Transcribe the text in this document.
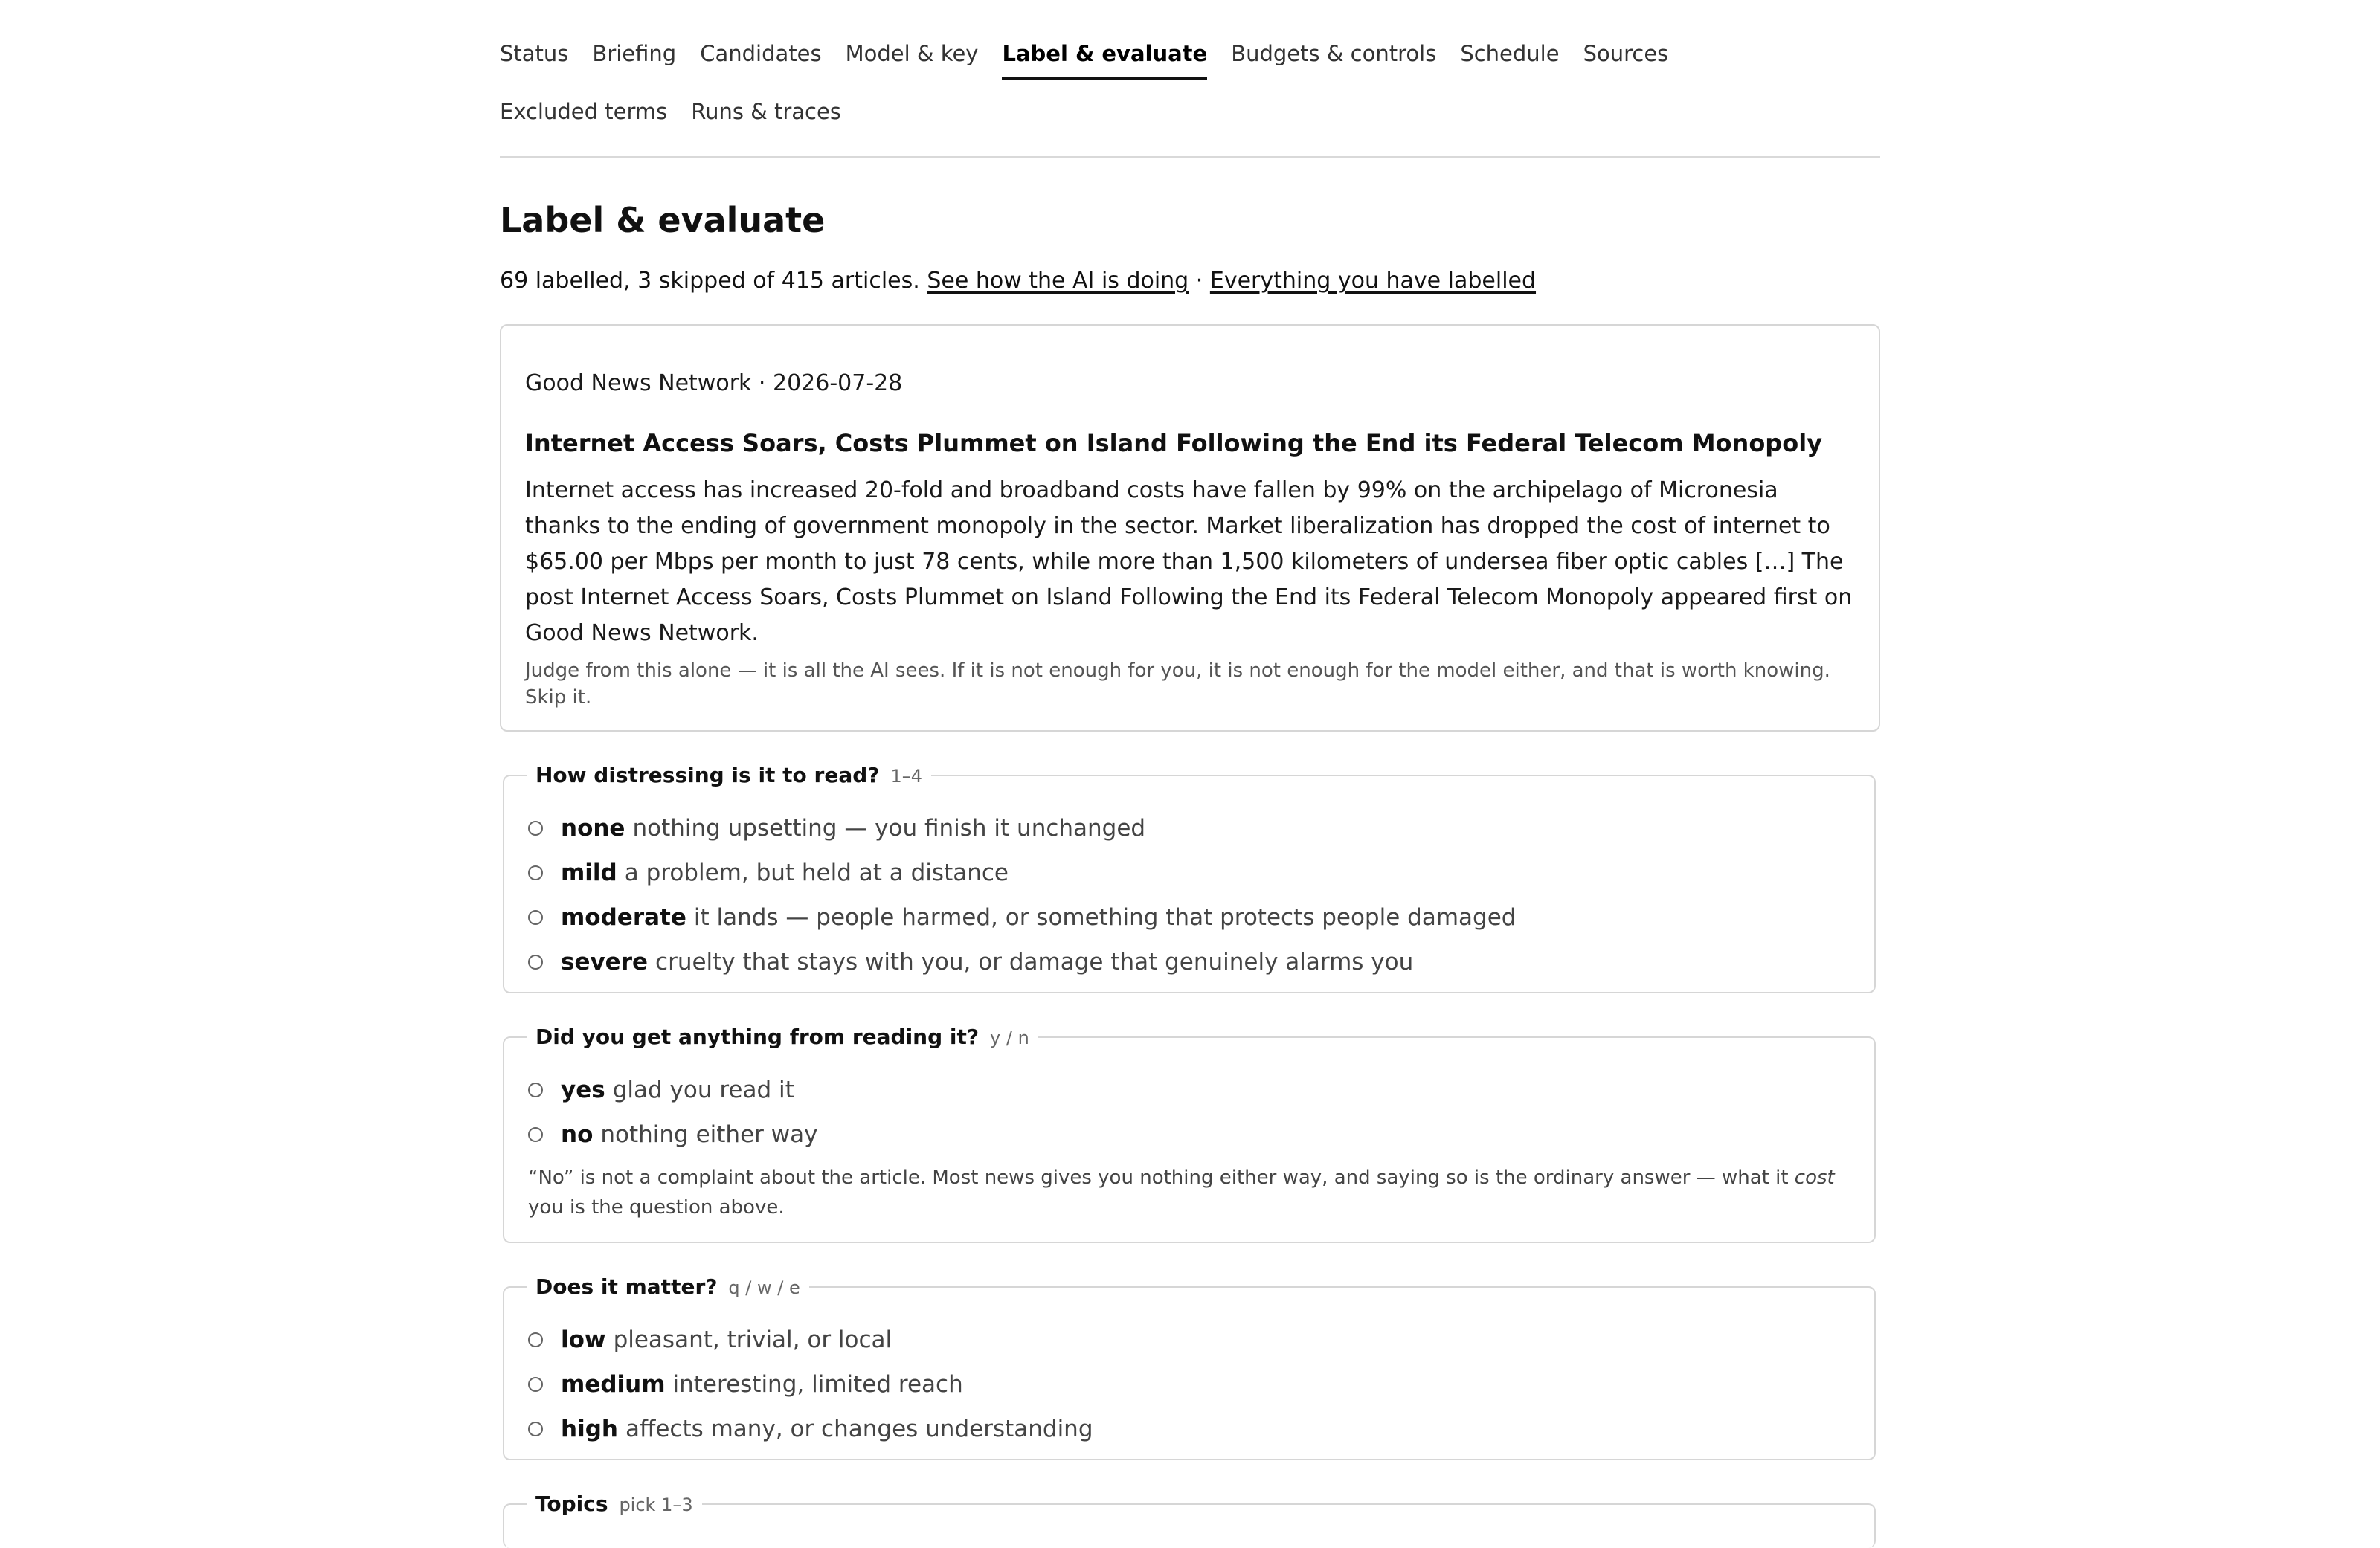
Status Briefing Candidates Model & key Label & evaluate Budgets & controls Schedule Sources
Excluded terms Runs & traces
Label & evaluate
69 labelled, 3 skipped of 415 articles. See how the AI is doing · Everything you have labelled
Good News Network · 2026-07-28
Internet Access Soars, Costs Plummet on Island Following the End its Federal Telecom Monopoly
Internet access has increased 20-fold and broadband costs have fallen by 99% on the archipelago of Micronesia thanks to the ending of government monopoly in the sector. Market liberalization has dropped the cost of internet to $65.00 per Mbps per month to just 78 cents, while more than 1,500 kilometers of undersea fiber optic cables […] The post Internet Access Soars, Costs Plummet on Island Following the End its Federal Telecom Monopoly appeared first on Good News Network.
Judge from this alone — it is all the AI sees. If it is not enough for you, it is not enough for the model either, and that is worth knowing. Skip it.
How distressing is it to read? 1–4
none nothing upsetting — you finish it unchanged
mild a problem, but held at a distance
moderate it lands — people harmed, or something that protects people damaged
severe cruelty that stays with you, or damage that genuinely alarms you
Did you get anything from reading it? y / n
yes glad you read it
no nothing either way
“No” is not a complaint about the article. Most news gives you nothing either way, and saying so is the ordinary answer — what it cost you is the question above.
Does it matter? q / w / e
low pleasant, trivial, or local
medium interesting, limited reach
high affects many, or changes understanding
Topics pick 1–3
